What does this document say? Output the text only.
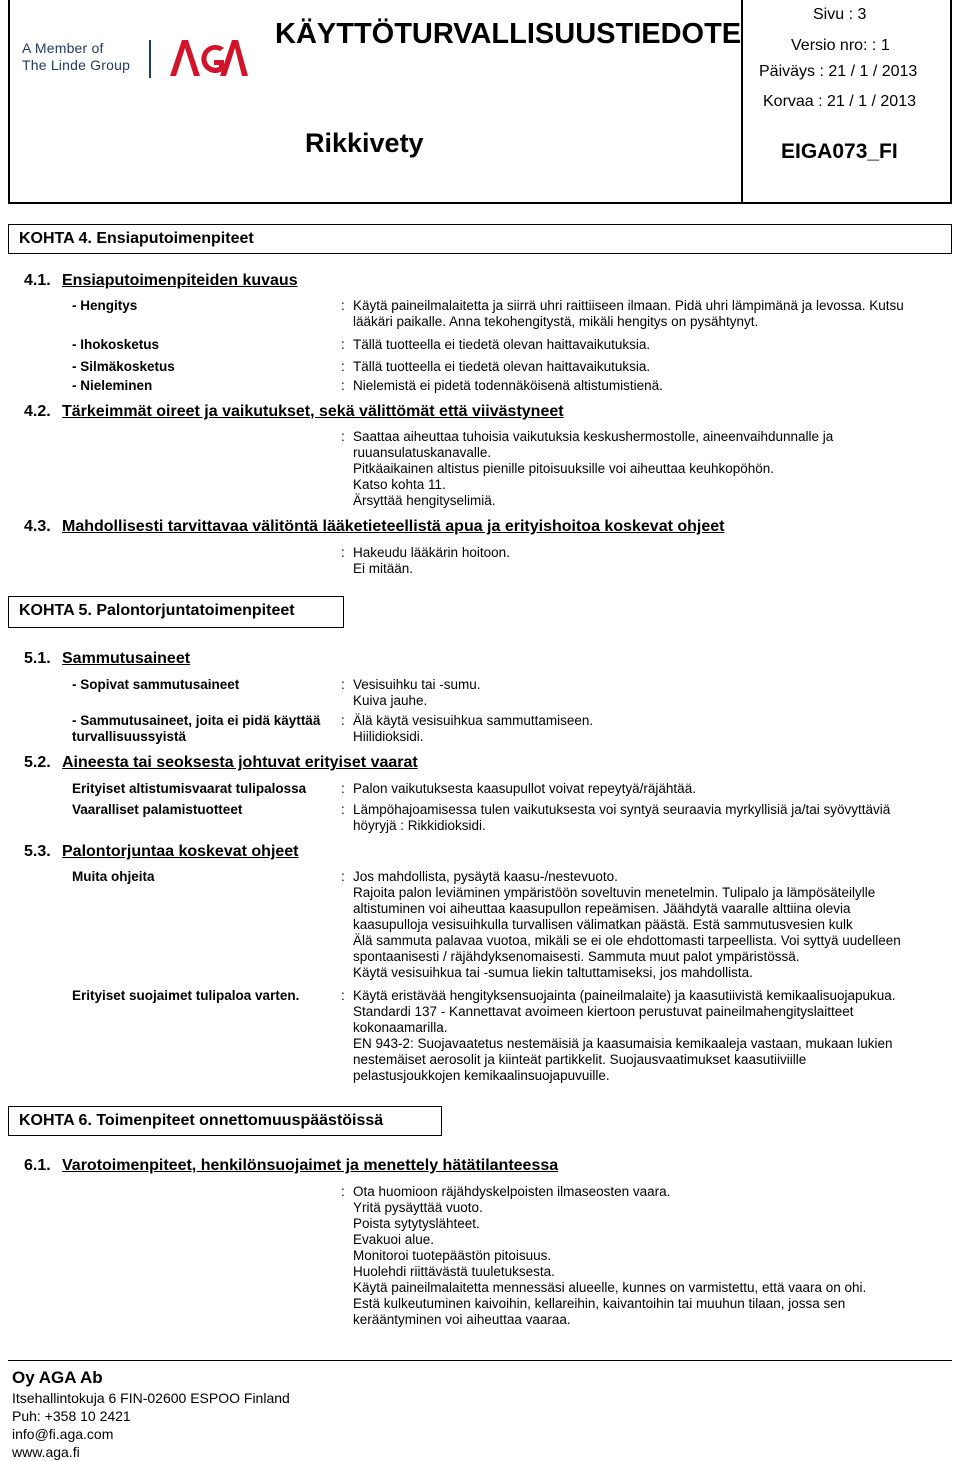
A Member of
The Linde Group
KÄYTTÖTURVALLISUUSTIEDOTE
Rikkivety
Sivu : 3
Versio nro: : 1
Päiväys : 21 / 1 / 2013
Korvaa : 21 / 1 / 2013
EIGA073_FI
KOHTA 4. Ensiaputoimenpiteet
4.1. Ensiaputoimenpiteiden kuvaus
- Hengitys	: Käytä paineilmalaitetta ja siirrä uhri raittiiseen ilmaan. Pidä uhri lämpimänä ja levossa. Kutsu
lääkäri paikalle. Anna tekohengitystä, mikäli hengitys on pysähtynyt.
- Ihokosketus	: Tällä tuotteella ei tiedetä olevan haittavaikutuksia.
- Silmäkosketus	: Tällä tuotteella ei tiedetä olevan haittavaikutuksia.
- Nieleminen	: Nielemistä ei pidetä todennäköisenä altistumistienä.
4.2. Tärkeimmät oireet ja vaikutukset, sekä välittömät että viivästyneet
: Saattaa aiheuttaa tuhoisia vaikutuksia keskushermostolle, aineenvaihdunnalle ja
ruuansulatuskanavalle.
Pitkäaikainen altistus pienille pitoisuuksille voi aiheuttaa keuhkopöhön.
Katso kohta 11.
Ärsyttää hengityselimiä.
4.3. Mahdollisesti tarvittavaa välitöntä lääketieteellistä apua ja erityishoitoa koskevat ohjeet
: Hakeudu lääkärin hoitoon.
Ei mitään.
KOHTA 5. Palontorjuntatoimenpiteet
5.1. Sammutusaineet
- Sopivat sammutusaineet	: Vesisuihku tai -sumu.
Kuiva jauhe.
- Sammutusaineet, joita ei pidä käyttää
turvallisuussyistä
: Älä käytä vesisuihkua sammuttamiseen.
Hiilidioksidi.
5.2. Aineesta tai seoksesta johtuvat erityiset vaarat
Erityiset altistumisvaarat tulipalossa	: Palon vaikutuksesta kaasupullot voivat repeytyä/räjähtää.
Vaaralliset palamistuotteet	: Lämpöhajoamisessa tulen vaikutuksesta voi syntyä seuraavia myrkyllisiä ja/tai syövyttäviä
höyryjä : Rikkidioksidi.
5.3. Palontorjuntaa koskevat ohjeet
Muita ohjeita	: Jos mahdollista, pysäytä kaasu-/nestevuoto.
Rajoita palon leviäminen ympäristöön soveltuvin menetelmin. Tulipalo ja lämpösäteilylle
altistuminen voi aiheuttaa kaasupullon repeämisen. Jäähdytä vaaralle alttiina olevia
kaasupulloja vesisuihkulla turvallisen välimatkan päästä. Estä sammutusvesien kulk
Älä sammuta palavaa vuotoa, mikäli se ei ole ehdottomasti tarpeellista. Voi syttyä uudelleen
spontaanisesti / räjähdyksenomaisesti. Sammuta muut palot ympäristössä.
Käytä vesisuihkua tai -sumua liekin taltuttamiseksi, jos mahdollista.
Erityiset suojaimet tulipaloa varten.	: Käytä eristävää hengityksensuojainta (paineilmalaite) ja kaasutiivistä kemikaalisuojapukua.
Standardi 137 - Kannettavat avoimeen kiertoon perustuvat paineilmahengityslaitteet
kokonaamarilla.
EN 943-2: Suojavaatetus nestemäisiä ja kaasumaisia kemikaaleja vastaan, mukaan lukien
nestemäiset aerosolit ja kiinteät partikkelit. Suojausvaatimukset kaasutiiviille
pelastusjoukkojen kemikaalinsuojapuvuille.
KOHTA 6. Toimenpiteet onnettomuuspäästöissä
6.1. Varotoimenpiteet, henkilönsuojaimet ja menettely hätätilanteessa
: Ota huomioon räjähdyskelpoisten ilmaseosten vaara.
Yritä pysäyttää vuoto.
Poista sytytyslähteet.
Evakuoi alue.
Monitoroi tuotepäästön pitoisuus.
Huolehdi riittävästä tuuletuksesta.
Käytä paineilmalaitetta mennessäsi alueelle, kunnes on varmistettu, että vaara on ohi.
Estä kulkeutuminen kaivoihin, kellareihin, kaivantoihin tai muuhun tilaan, jossa sen
kerääntyminen voi aiheuttaa vaaraa.
Oy AGA Ab
Itsehallintokuja 6 FIN-02600 ESPOO Finland
Puh: +358 10 2421
info@fi.aga.com
www.aga.fi
